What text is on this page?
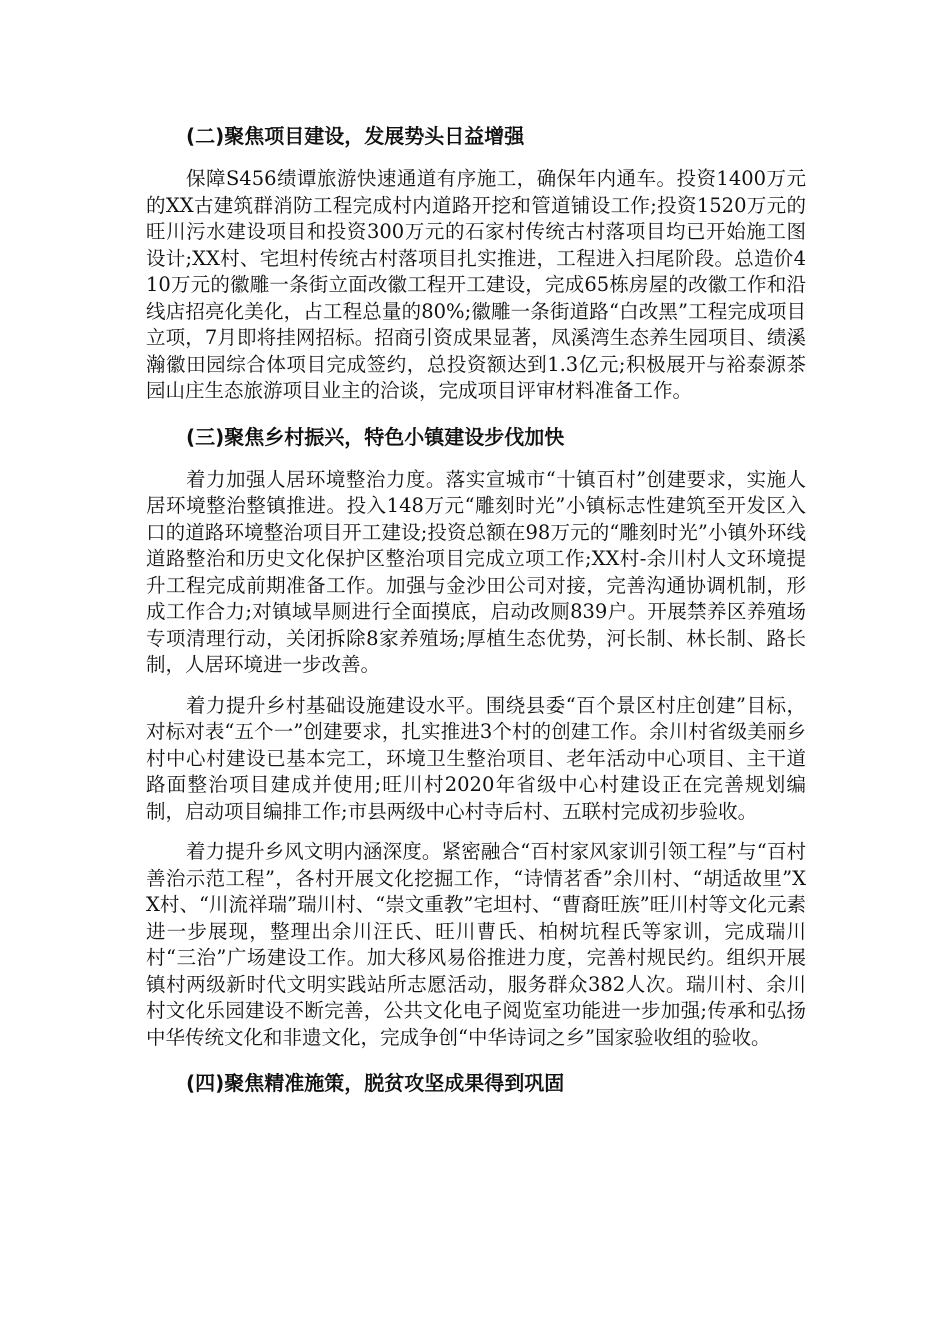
(二)聚焦项目建设，发展势头日益增强

保障S456绩谭旅游快速通道有序施工，确保年内通车。投资1400万元的XX古建筑群消防工程完成村内道路开挖和管道铺设工作;投资1520万元的旺川污水建设项目和投资300万元的石家村传统古村落项目均已开始施工图设计;XX村、宅坦村传统古村落项目扎实推进，工程进入扫尾阶段。总造价410万元的徽雕一条街立面改徽工程开工建设，完成65栋房屋的改徽工作和沿线店招亮化美化，占工程总量的80%;徽雕一条街道路“白改黑”工程完成项目立项，7月即将挂网招标。招商引资成果显著，凤溪湾生态养生园项目、绩溪瀚徽田园综合体项目完成签约，总投资额达到1.3亿元;积极展开与裕泰源茶园山庄生态旅游项目业主的洽谈，完成项目评审材料准备工作。

(三)聚焦乡村振兴，特色小镇建设步伐加快

着力加强人居环境整治力度。落实宣城市“十镇百村”创建要求，实施人居环境整治整镇推进。投入148万元“雕刻时光”小镇标志性建筑至开发区入口的道路环境整治项目开工建设;投资总额在98万元的“雕刻时光”小镇外环线道路整治和历史文化保护区整治项目完成立项工作;XX村-余川村人文环境提升工程完成前期准备工作。加强与金沙田公司对接，完善沟通协调机制，形成工作合力;对镇域旱厕进行全面摸底，启动改厕839户。开展禁养区养殖场专项清理行动，关闭拆除8家养殖场;厚植生态优势，河长制、林长制、路长制，人居环境进一步改善。

着力提升乡村基础设施建设水平。围绕县委“百个景区村庄创建”目标，对标对表“五个一”创建要求，扎实推进3个村的创建工作。余川村省级美丽乡村中心村建设已基本完工，环境卫生整治项目、老年活动中心项目、主干道路面整治项目建成并使用;旺川村2020年省级中心村建设正在完善规划编制，启动项目编排工作;市县两级中心村寺后村、五联村完成初步验收。

着力提升乡风文明内涵深度。紧密融合“百村家风家训引领工程”与“百村善治示范工程”，各村开展文化挖掘工作，“诗情茗香”余川村、“胡适故里”XX村、“川流祥瑞”瑞川村、“崇文重教”宅坦村、“曹裔旺族”旺川村等文化元素进一步展现，整理出余川汪氏、旺川曹氏、柏树坑程氏等家训，完成瑞川村“三治”广场建设工作。加大移风易俗推进力度，完善村规民约。组织开展镇村两级新时代文明实践站所志愿活动，服务群众382人次。瑞川村、余川村文化乐园建设不断完善，公共文化电子阅览室功能进一步加强;传承和弘扬中华传统文化和非遗文化，完成争创“中华诗词之乡”国家验收组的验收。

(四)聚焦精准施策，脱贫攻坚成果得到巩固
